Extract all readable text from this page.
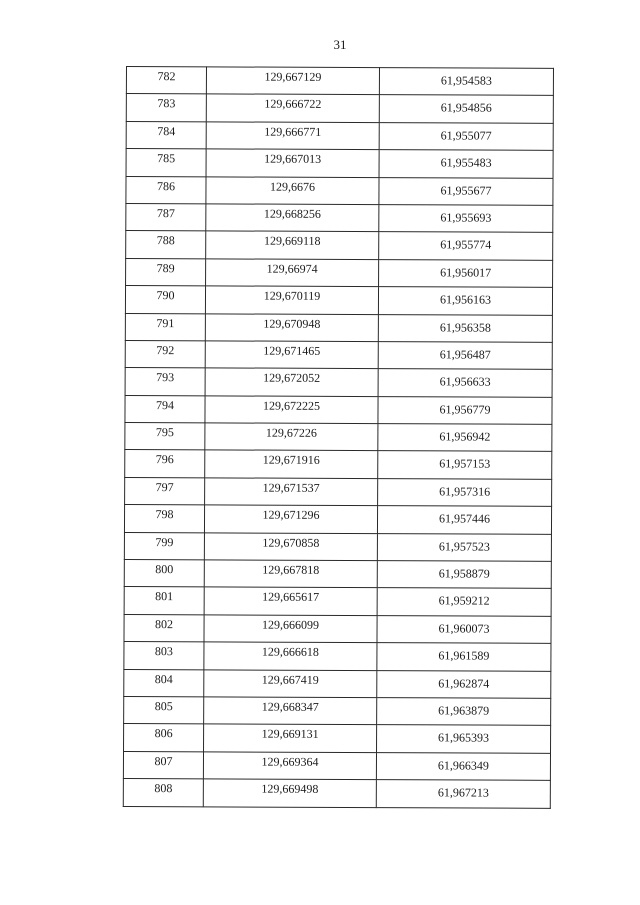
31
782	129,667129	61,954583
783	129,666722	61,954856
784	129,666771	61,955077
785	129,667013	61,955483
786	129,6676	61,955677
787	129,668256	61,955693
788	129,669118	61,955774
789	129,66974	61,956017
790	129,670119	61,956163
791	129,670948	61,956358
792	129,671465	61,956487
793	129,672052	61,956633
794	129,672225	61,956779
795	129,67226	61,956942
796	129,671916	61,957153
797	129,671537	61,957316
798	129,671296	61,957446
799	129,670858	61,957523
800	129,667818	61,958879
801	129,665617	61,959212
802	129,666099	61,960073
803	129,666618	61,961589
804	129,667419	61,962874
805	129,668347	61,963879
806	129,669131	61,965393
807	129,669364	61,966349
808	129,669498	61,967213
